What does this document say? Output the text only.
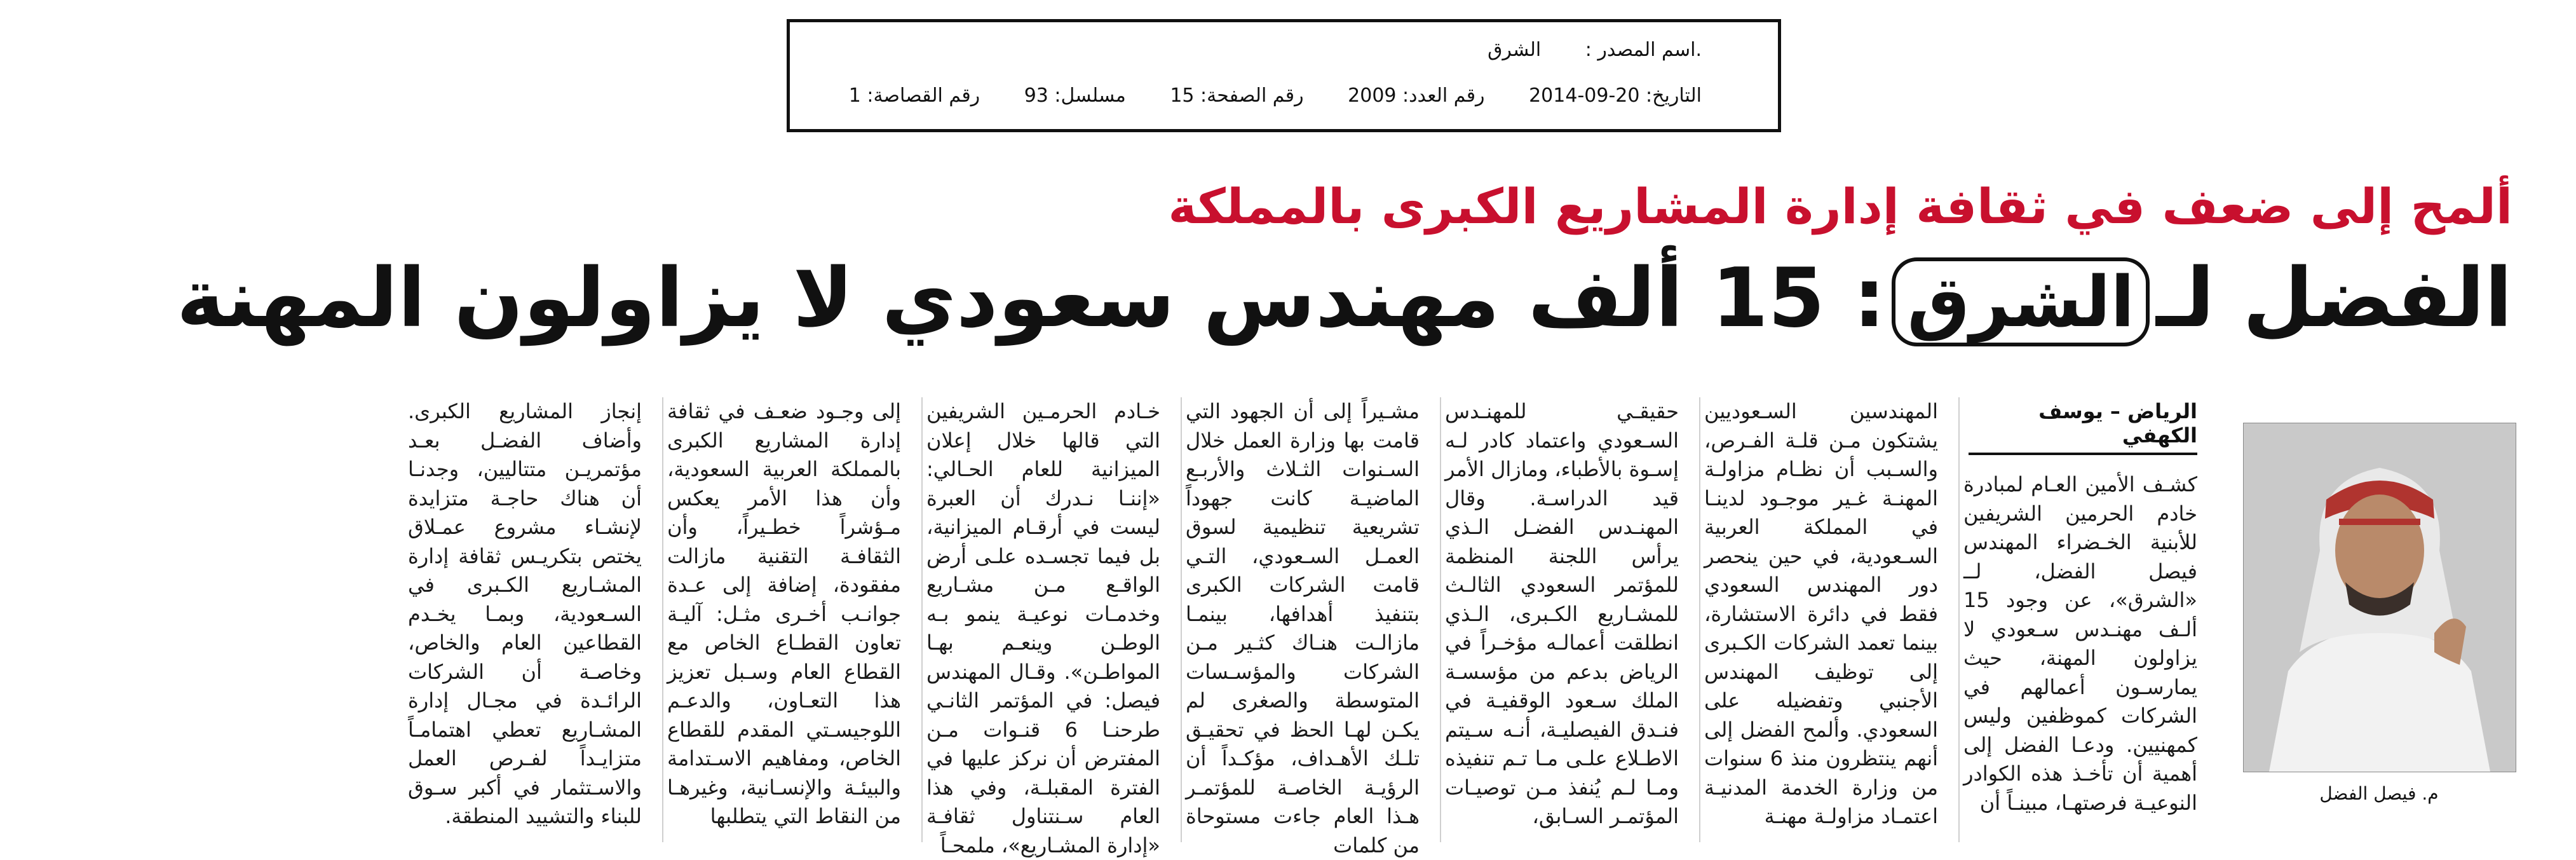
.اسم المصدر : الشرق
التاريخ: 20-09-2014 رقم العدد: 2009 رقم الصفحة: 15 مسلسل: 93 رقم القصاصة: 1
ألمح إلى ضعف في ثقافة إدارة المشاريع الكبرى بالمملكة
الفضل لـالشرق: 15 ألف مهندس سعودي لا يزاولون المهنة
م. فيصل الفضل
الرياض – يوسف الكهفي
كشـف الأمين العـام لمبادرة خادم الحرمين الشريفين للأبنية الخـضراء المهندس فيصل الفضل، لــ «الشرق»، عن وجود 15 ألـف مهنـدس سـعودي لا يزاولون المهنة، حيث يمارسـون أعمالهم في الشركات كموظفين وليس كمهنيين. ودعـا الفضل إلى أهمية أن تأخـذ هذه الكوادر النوعيـة فرصتهـا، مبينـاً أن
المهندسين السـعوديين يشتكون مـن قلـة الفـرص، والسـبب أن نظـام مزاولـة المهنـة غـير موجـود لدينـا في المملكة العربية السـعودية، في حين ينحصر دور المهندس السعودي فقط في دائرة الاستشارة، بينما تعمد الشركات الكـبرى إلى توظيف المهندس الأجنبي وتفضيله على السعودي. وألمح الفضل إلى أنهم ينتظرون منذ 6 سنوات من وزارة الخدمة المدنيـة اعتمـاد مزاولـة مهنـة
حقيقـي للمهنـدس السـعودي واعتماد كادر لـه إسـوة بالأطباء، ومازال الأمر قيد الدراسـة. وقال المهنـدس الفضـل الـذي يرأس اللجنة المنظمة للمؤتمر السعودي الثالـث للمشـاريع الكـبرى، الـذي انطلقت أعمالـه مؤخـراً في الرياض بدعم من مؤسسـة الملك سـعود الوقفيـة في فنـدق الفيصليـة، أنـه سـيتم الاطـلاع علـى مـا تـم تنفيذه ومـا لـم يُنفذ مـن توصيـات المؤتمـر السـابق،
مشـيراً إلى أن الجهود التي قامت بها وزارة العمل خلال السـنوات الثـلاث والأربـع الماضيـة كانت جهوداً تشريعية تنظيمية لسوق العمـل السـعودي، التـي قامت الشركات الكبرى بتنفيذ أهدافها، بينمـا مازالـت هنـاك كثـير مـن الشركات والمؤسـسات المتوسطة والصغرى لم يكـن لهـا الحظ في تحقيـق تلـك الأهـداف، مؤكـداً أن الرؤيـة الخاصـة للمؤتمـر هـذا العام جاءت مستوحاة من كلمات
خـادم الحرمـين الشريفين التي قالها خلال إعلان الميزانية للعام الحـالي: «إننـا نـدرك أن العبرة ليست في أرقـام الميزانية، بل فيما تجسـده علـى أرض الواقـع مـن مشـاريع وخدمـات نوعيـة ينمو بـه الوطـن وينعـم بهـا المواطـن». وقـال المهندس فيصل: في المؤتمر الثانـي طرحنـا 6 قنـوات مـن المفترض أن نركز عليها في الفترة المقبلـة، وفي هذا العام سـنتناول ثقافـة «إدارة المشـاريع»، ملمحـاً
إلى وجـود ضعـف في ثقافة إدارة المشاريع الكبرى بالمملكة العربية السعودية، وأن هذا الأمر يعكس مـؤشراً خطـيراً، وأن الثقافـة التقنية مازالت مفقودة، إضافة إلى عـدة جوانـب أخـرى مثـل: آليـة تعاون القطـاع الخاص مع القطاع العام وسـبل تعزيز هذا التعـاون، والدعـم اللوجيسـتي المقدم للقطاع الخاص، ومفاهيم الاسـتدامة والبيئـة والإنسـانية، وغيرهـا من النقاط التي يتطلبها
إنجاز المشاريع الكبرى. وأضاف الفضـل بعـد مؤتمريـن متتاليين، وجدنـا أن هناك حاجـة متزايدة لإنشـاء مشروع عمـلاق يختص بتكريـس ثقافة إدارة المشـاريع الكـبرى في السـعودية، وبمـا يخـدم القطاعين العام والخاص، وخاصـة أن الشركات الرائـدة في مجـال إدارة المشـاريع تعطي اهتمامـاً متزايـداً لفـرص العمل والاسـتثمار في أكبر سـوق للبناء والتشييد المنطقة.
